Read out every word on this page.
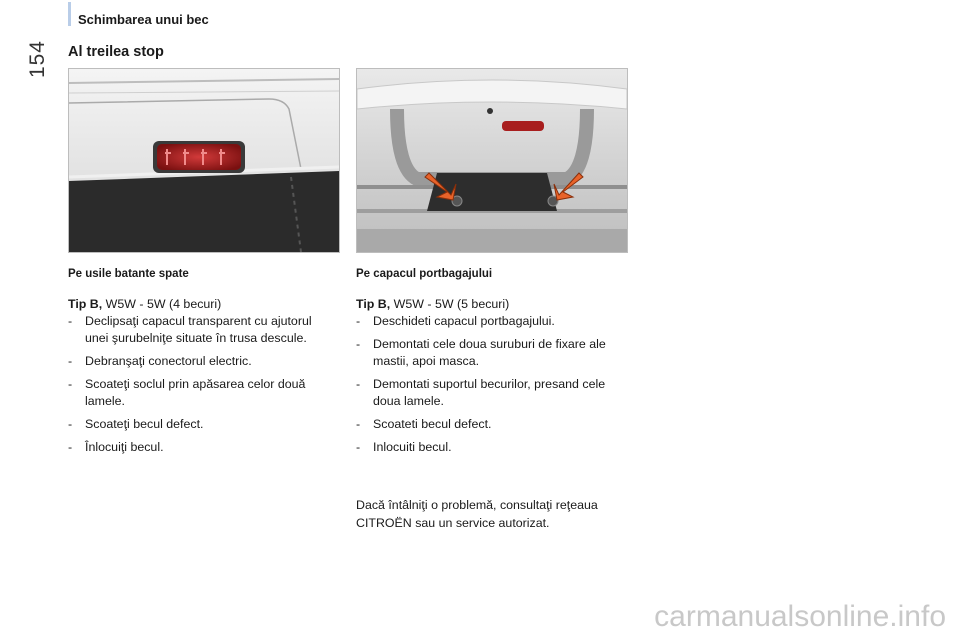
Schimbarea unui bec
154 Al treilea stop
Pe usile batante spate
Tip B, W5W - 5W (4 becuri)
- Declipsaţi capacul transparent cu ajutorul unei şurubelniţe situate în trusa descule.
- Debranşaţi conectorul electric.
- Scoateţi soclul prin apăsarea celor două lamele.
- Scoateţi becul defect.
- Înlocuiţi becul.
Pe capacul portbagajului
Tip B, W5W - 5W (5 becuri)
- Deschideti capacul portbagajului.
- Demontati cele doua suruburi de fixare ale mastii, apoi masca.
- Demontati suportul becurilor, presand cele doua lamele.
- Scoateti becul defect.
- Inlocuiti becul.
Dacă întâlniţi o problemă, consultaţi reţeaua CITROËN sau un service autorizat.
carmanualsonline.info
